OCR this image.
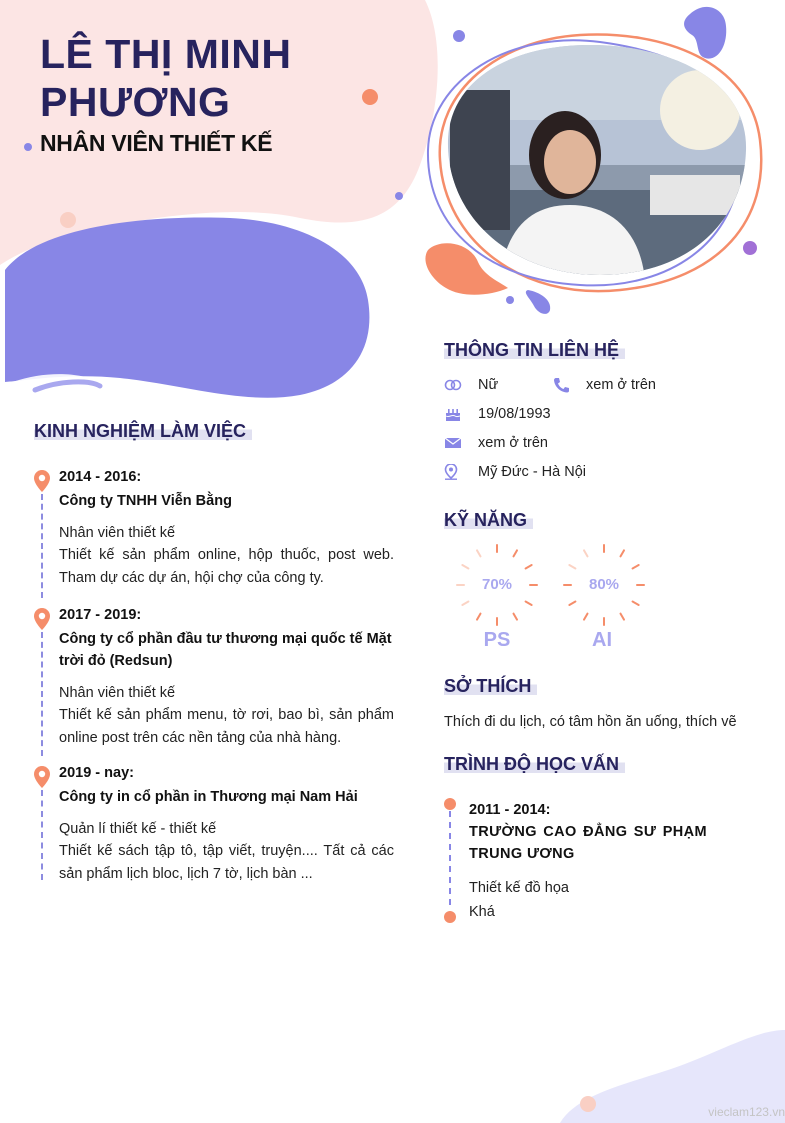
LÊ THỊ MINH PHƯƠNG
NHÂN VIÊN THIẾT KẾ
KINH NGHIỆM LÀM VIỆC

2014 - 2016:

Công ty TNHH Viễn Bằng

Nhân viên thiết kế

Thiết kế sản phẩm online, hộp thuốc, post web. Tham dự các dự án, hội chợ của công ty.

2017 - 2019:

Công ty cổ phần đầu tư thương mại quốc tế Mặt trời đỏ (Redsun)

Nhân viên thiết kế

Thiết kế sản phẩm menu, tờ rơi, bao bì, sản phẩm online post trên các nền tảng của nhà hàng.

2019 - nay:

Công ty in cổ phần in Thương mại Nam Hải

Quản lí thiết kế - thiết kế

Thiết kế sách tập tô, tập viết, truyện.... Tất cả các sản phẩm lịch bloc, lịch 7 tờ, lịch bàn ...

THÔNG TIN LIÊN HỆ
Nữ	xem ở trên
19/08/1993
xem ở trên
Mỹ Đức - Hà Nội
KỸ NĂNG
70%
PS
80%
AI
SỞ THÍCH
Thích đi du lịch, có tâm hồn ăn uống, thích vẽ
TRÌNH ĐỘ HỌC VẤN

2011 - 2014:

TRƯỜNG CAO ĐẲNG SƯ PHẠM TRUNG ƯƠNG

Thiết kế đồ họa

Khá

vieclam123.vn
